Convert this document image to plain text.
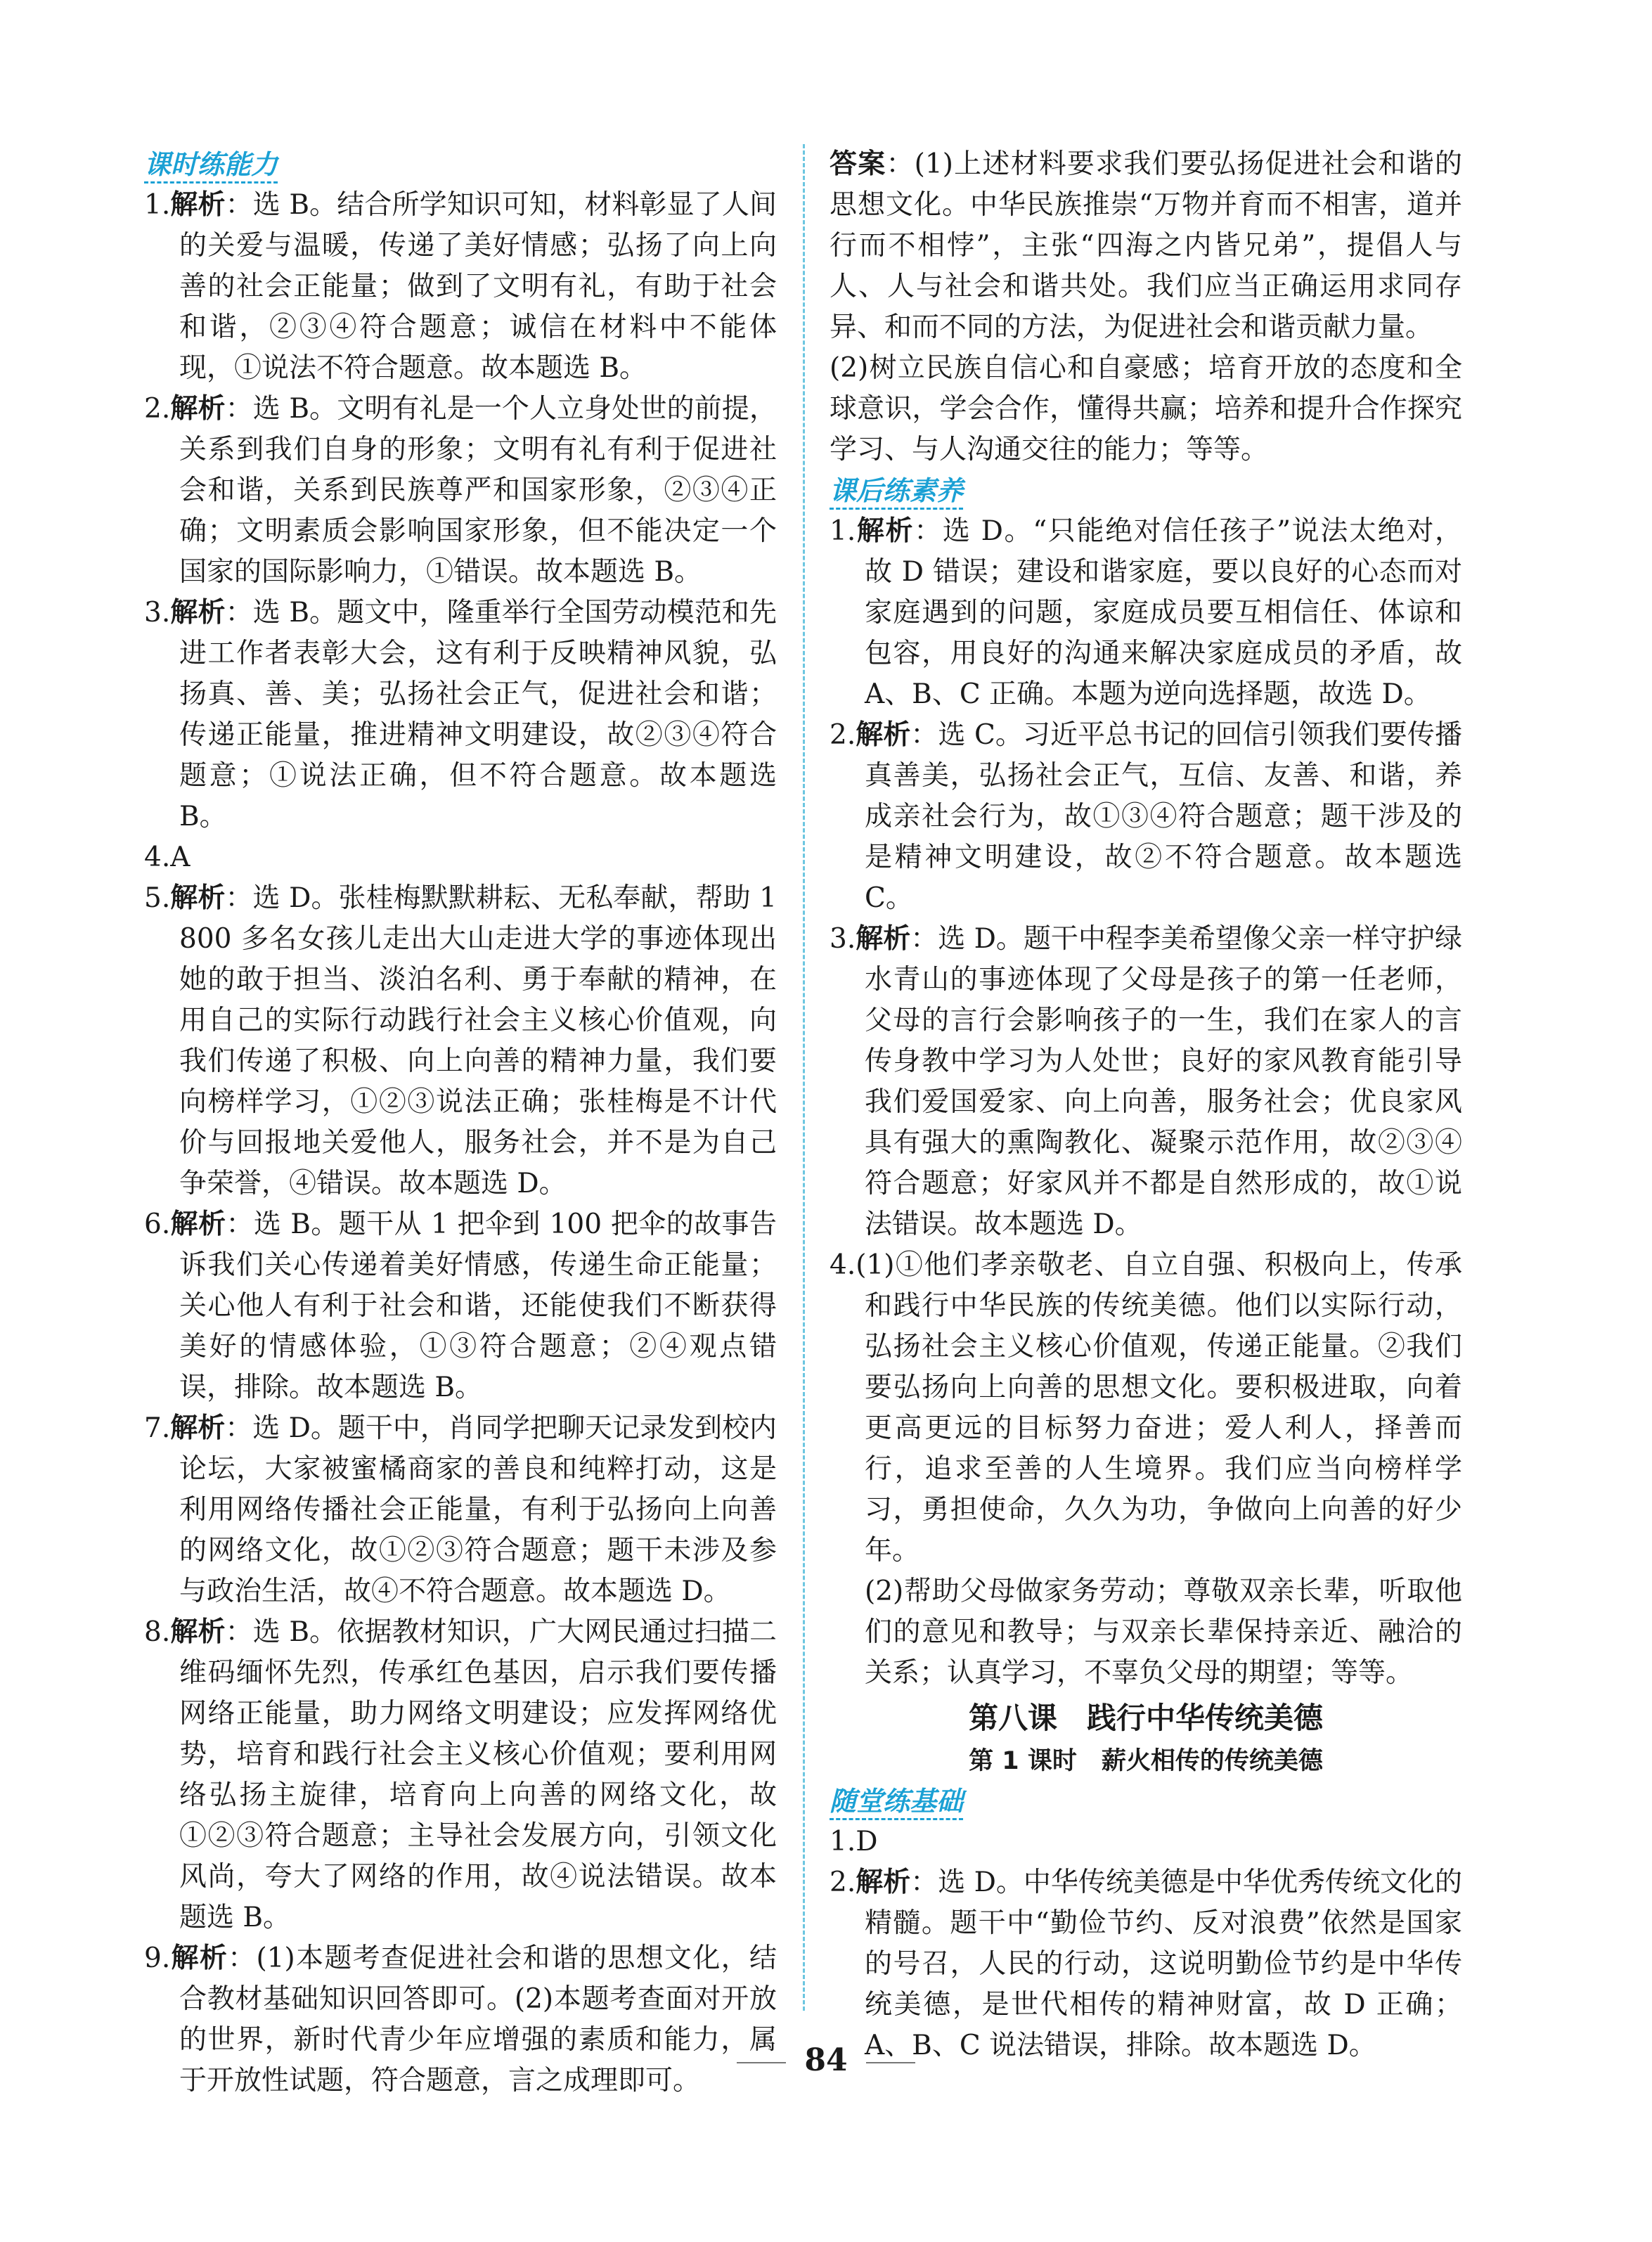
课时练能力

1.解析：选 B。结合所学知识可知，材料彰显了人间的关爱与温暖，传递了美好情感；弘扬了向上向善的社会正能量；做到了文明有礼，有助于社会和谐，②③④符合题意；诚信在材料中不能体现，①说法不符合题意。故本题选 B。

2.解析：选 B。文明有礼是一个人立身处世的前提，关系到我们自身的形象；文明有礼有利于促进社会和谐，关系到民族尊严和国家形象，②③④正确；文明素质会影响国家形象，但不能决定一个国家的国际影响力，①错误。故本题选 B。

3.解析：选 B。题文中，隆重举行全国劳动模范和先进工作者表彰大会，这有利于反映精神风貌，弘扬真、善、美；弘扬社会正气，促进社会和谐；传递正能量，推进精神文明建设，故②③④符合题意；①说法正确，但不符合题意。故本题选 B。

4.A

5.解析：选 D。张桂梅默默耕耘、无私奉献，帮助 1 800 多名女孩儿走出大山走进大学的事迹体现出她的敢于担当、淡泊名利、勇于奉献的精神，在用自己的实际行动践行社会主义核心价值观，向我们传递了积极、向上向善的精神力量，我们要向榜样学习，①②③说法正确；张桂梅是不计代价与回报地关爱他人，服务社会，并不是为自己争荣誉，④错误。故本题选 D。

6.解析：选 B。题干从 1 把伞到 100 把伞的故事告诉我们关心传递着美好情感，传递生命正能量；关心他人有利于社会和谐，还能使我们不断获得美好的情感体验，①③符合题意；②④观点错误，排除。故本题选 B。

7.解析：选 D。题干中，肖同学把聊天记录发到校内论坛，大家被蜜橘商家的善良和纯粹打动，这是利用网络传播社会正能量，有利于弘扬向上向善的网络文化，故①②③符合题意；题干未涉及参与政治生活，故④不符合题意。故本题选 D。

8.解析：选 B。依据教材知识，广大网民通过扫描二维码缅怀先烈，传承红色基因，启示我们要传播网络正能量，助力网络文明建设；应发挥网络优势，培育和践行社会主义核心价值观；要利用网络弘扬主旋律，培育向上向善的网络文化，故①②③符合题意；主导社会发展方向，引领文化风尚，夸大了网络的作用，故④说法错误。故本题选 B。

9.解析：(1)本题考查促进社会和谐的思想文化，结合教材基础知识回答即可。(2)本题考查面对开放的世界，新时代青少年应增强的素质和能力，属于开放性试题，符合题意，言之成理即可。

答案：(1)上述材料要求我们要弘扬促进社会和谐的思想文化。中华民族推崇“万物并育而不相害，道并行而不相悖”，主张“四海之内皆兄弟”，提倡人与人、人与社会和谐共处。我们应当正确运用求同存异、和而不同的方法，为促进社会和谐贡献力量。

(2)树立民族自信心和自豪感；培育开放的态度和全球意识，学会合作，懂得共赢；培养和提升合作探究学习、与人沟通交往的能力；等等。

课后练素养

1.解析：选 D。“只能绝对信任孩子”说法太绝对，故 D 错误；建设和谐家庭，要以良好的心态而对家庭遇到的问题，家庭成员要互相信任、体谅和包容，用良好的沟通来解决家庭成员的矛盾，故 A、B、C 正确。本题为逆向选择题，故选 D。

2.解析：选 C。习近平总书记的回信引领我们要传播真善美，弘扬社会正气，互信、友善、和谐，养成亲社会行为，故①③④符合题意；题干涉及的是精神文明建设，故②不符合题意。故本题选 C。

3.解析：选 D。题干中程李美希望像父亲一样守护绿水青山的事迹体现了父母是孩子的第一任老师，父母的言行会影响孩子的一生，我们在家人的言传身教中学习为人处世；良好的家风教育能引导我们爱国爱家、向上向善，服务社会；优良家风具有强大的熏陶教化、凝聚示范作用，故②③④符合题意；好家风并不都是自然形成的，故①说法错误。故本题选 D。

4.(1)①他们孝亲敬老、自立自强、积极向上，传承和践行中华民族的传统美德。他们以实际行动，弘扬社会主义核心价值观，传递正能量。②我们要弘扬向上向善的思想文化。要积极进取，向着更高更远的目标努力奋进；爱人利人，择善而行，追求至善的人生境界。我们应当向榜样学习，勇担使命，久久为功，争做向上向善的好少年。

(2)帮助父母做家务劳动；尊敬双亲长辈，听取他们的意见和教导；与双亲长辈保持亲近、融洽的关系；认真学习，不辜负父母的期望；等等。

第八课　践行中华传统美德
第 1 课时　薪火相传的传统美德
随堂练基础

1.D

2.解析：选 D。中华传统美德是中华优秀传统文化的精髓。题干中“勤俭节约、反对浪费”依然是国家的号召，人民的行动，这说明勤俭节约是中华传统美德，是世代相传的精神财富，故 D 正确；A、B、C 说法错误，排除。故本题选 D。

84
